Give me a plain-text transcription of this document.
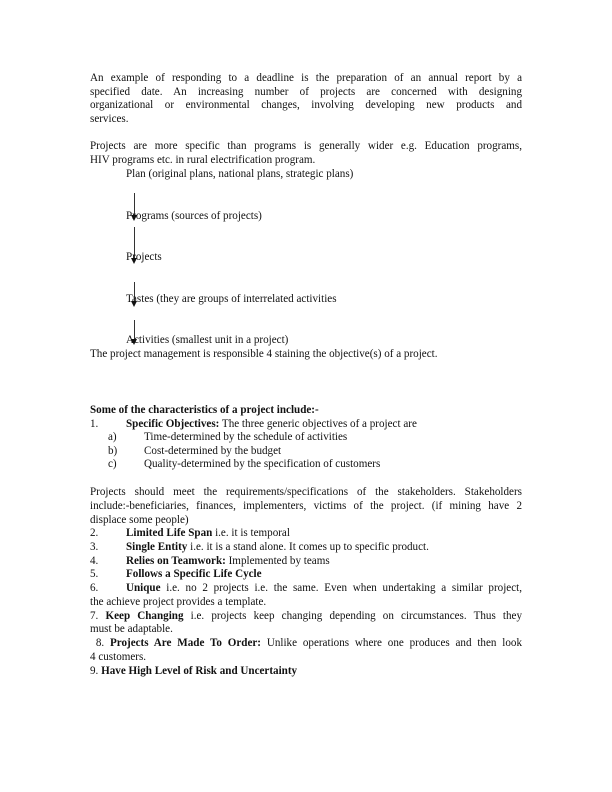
An example of responding to a deadline is the preparation of an annual report by a
specified date. An increasing number of projects are concerned with designing
organizational or environmental changes, involving developing new products and
services.
Projects are more specific than programs is generally wider e.g. Education programs,
HIV programs etc. in rural electrification program.
Plan (original plans, national plans, strategic plans)
Programs (sources of projects)
Projects
Tastes (they are groups of interrelated activities
Activities (smallest unit in a project)
The project management is responsible 4 staining the objective(s) of a project.
Some of the characteristics of a project include:-
1. Specific Objectives: The three generic objectives of a project are
a) Time-determined by the schedule of activities
b) Cost-determined by the budget
c) Quality-determined by the specification of customers
Projects should meet the requirements/specifications of the stakeholders. Stakeholders
include:-beneficiaries, finances, implementers, victims of the project. (if mining have 2
displace some people)
2. Limited Life Span i.e. it is temporal
3. Single Entity i.e. it is a stand alone. It comes up to specific product.
4. Relies on Teamwork: Implemented by teams
5. Follows a Specific Life Cycle
6. Unique i.e. no 2 projects i.e. the same. Even when undertaking a similar project,
the achieve project provides a template.
7. Keep Changing i.e. projects keep changing depending on circumstances. Thus they
must be adaptable.
8. Projects Are Made To Order: Unlike operations where one produces and then look
4 customers.
9. Have High Level of Risk and Uncertainty
